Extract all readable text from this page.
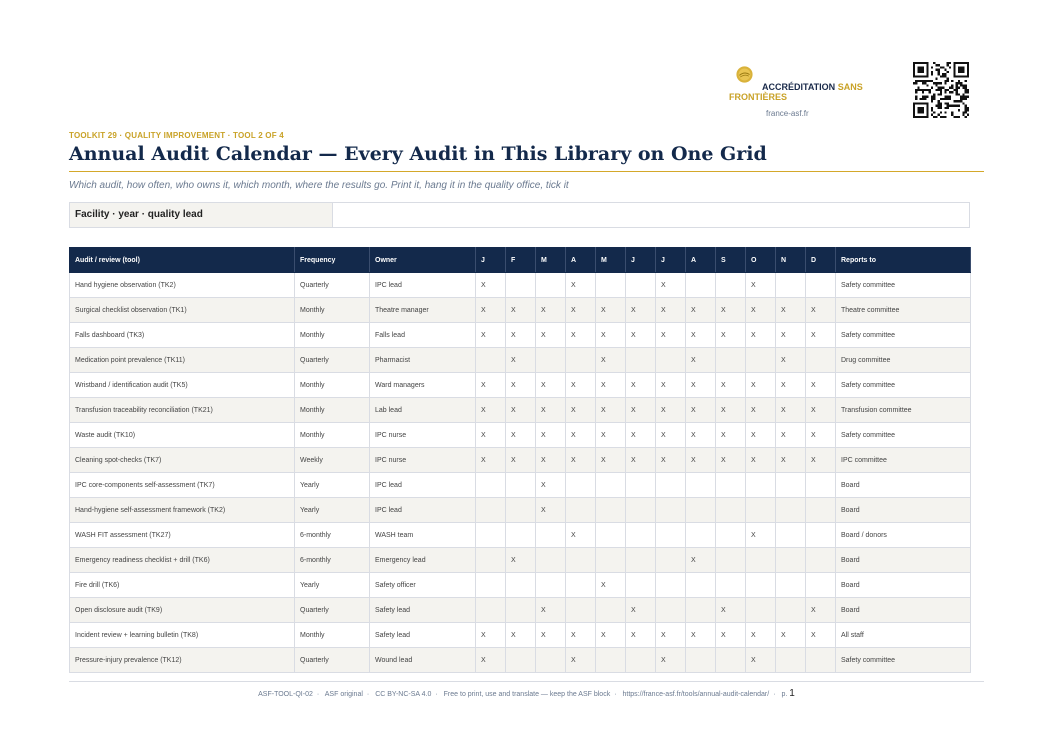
ACCRÉDITATION SANS
FRONTIÈRES
france-asf.fr
TOOLKIT 29 · QUALITY IMPROVEMENT · TOOL 2 OF 4
Annual Audit Calendar — Every Audit in This Library on One Grid
Which audit, how often, who owns it, which month, where the results go. Print it, hang it in the quality office, tick it
Facility · year · quality lead
Audit / review (tool)	Frequency	Owner	J	F	M	A	M	J	J	A	S	O	N	D	Reports to
Hand hygiene observation (TK2)	Quarterly	IPC lead	X			X			X			X			Safety committee
Surgical checklist observation (TK1)	Monthly	Theatre manager	X	X	X	X	X	X	X	X	X	X	X	X	Theatre committee
Falls dashboard (TK3)	Monthly	Falls lead	X	X	X	X	X	X	X	X	X	X	X	X	Safety committee
Medication point prevalence (TK11)	Quarterly	Pharmacist		X			X			X			X		Drug committee
Wristband / identification audit (TK5)	Monthly	Ward managers	X	X	X	X	X	X	X	X	X	X	X	X	Safety committee
Transfusion traceability reconciliation (TK21)	Monthly	Lab lead	X	X	X	X	X	X	X	X	X	X	X	X	Transfusion committee
Waste audit (TK10)	Monthly	IPC nurse	X	X	X	X	X	X	X	X	X	X	X	X	Safety committee
Cleaning spot-checks (TK7)	Weekly	IPC nurse	X	X	X	X	X	X	X	X	X	X	X	X	IPC committee
IPC core-components self-assessment (TK7)	Yearly	IPC lead			X										Board
Hand-hygiene self-assessment framework (TK2)	Yearly	IPC lead			X										Board
WASH FIT assessment (TK27)	6-monthly	WASH team				X						X			Board / donors
Emergency readiness checklist + drill (TK6)	6-monthly	Emergency lead		X						X					Board
Fire drill (TK6)	Yearly	Safety officer					X								Board
Open disclosure audit (TK9)	Quarterly	Safety lead			X			X			X			X	Board
Incident review + learning bulletin (TK8)	Monthly	Safety lead	X	X	X	X	X	X	X	X	X	X	X	X	All staff
Pressure-injury prevalence (TK12)	Quarterly	Wound lead	X			X			X			X			Safety committee
ASF-TOOL-QI-02 · ASF original · CC BY-NC-SA 4.0 · Free to print, use and translate — keep the ASF block · https://france-asf.fr/tools/annual-audit-calendar/ · p. 1
